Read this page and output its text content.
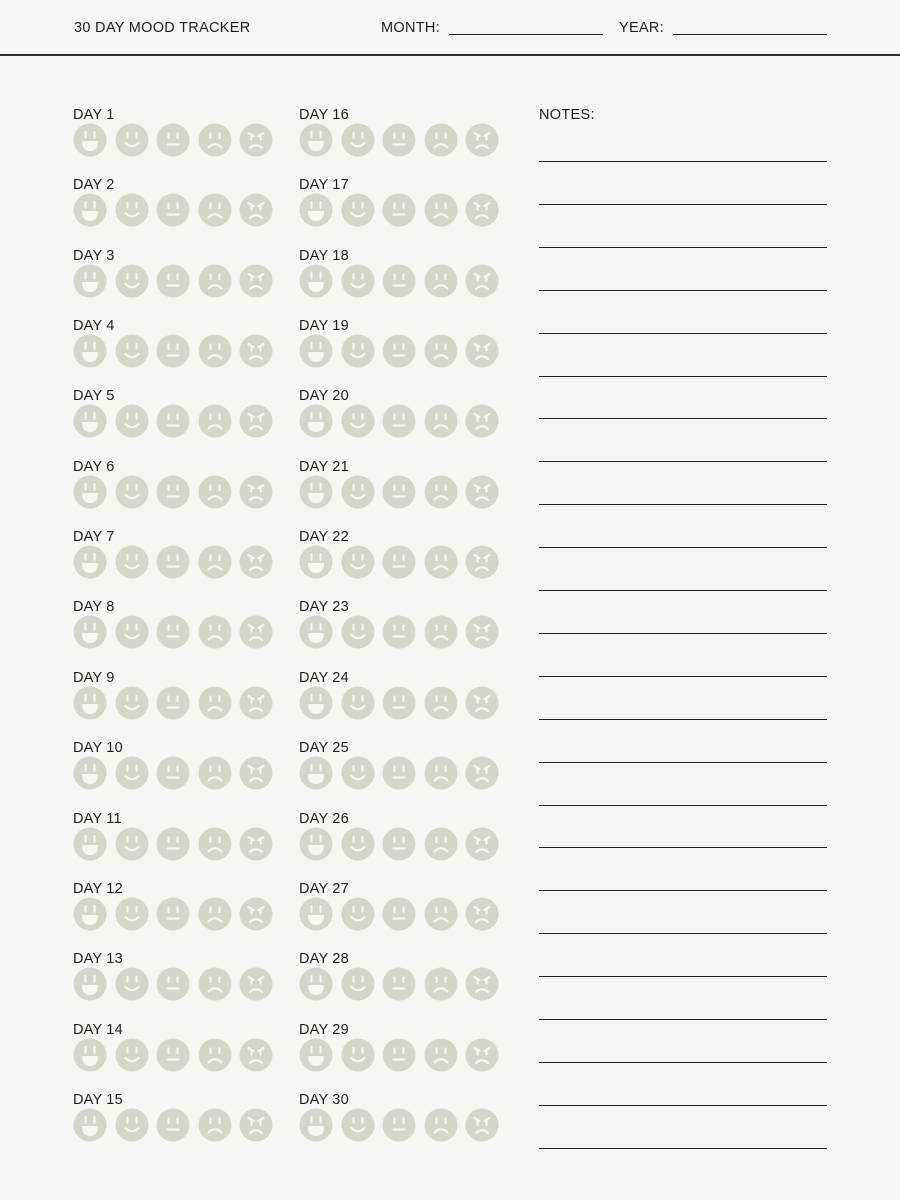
30 DAY MOOD TRACKER	MONTH:	YEAR:
DAY 1
DAY 2
DAY 3
DAY 4
DAY 5
DAY 6
DAY 7
DAY 8
DAY 9
DAY 10
DAY 11
DAY 12
DAY 13
DAY 14
DAY 15
DAY 16
DAY 17
DAY 18
DAY 19
DAY 20
DAY 21
DAY 22
DAY 23
DAY 24
DAY 25
DAY 26
DAY 27
DAY 28
DAY 29
DAY 30
NOTES:
